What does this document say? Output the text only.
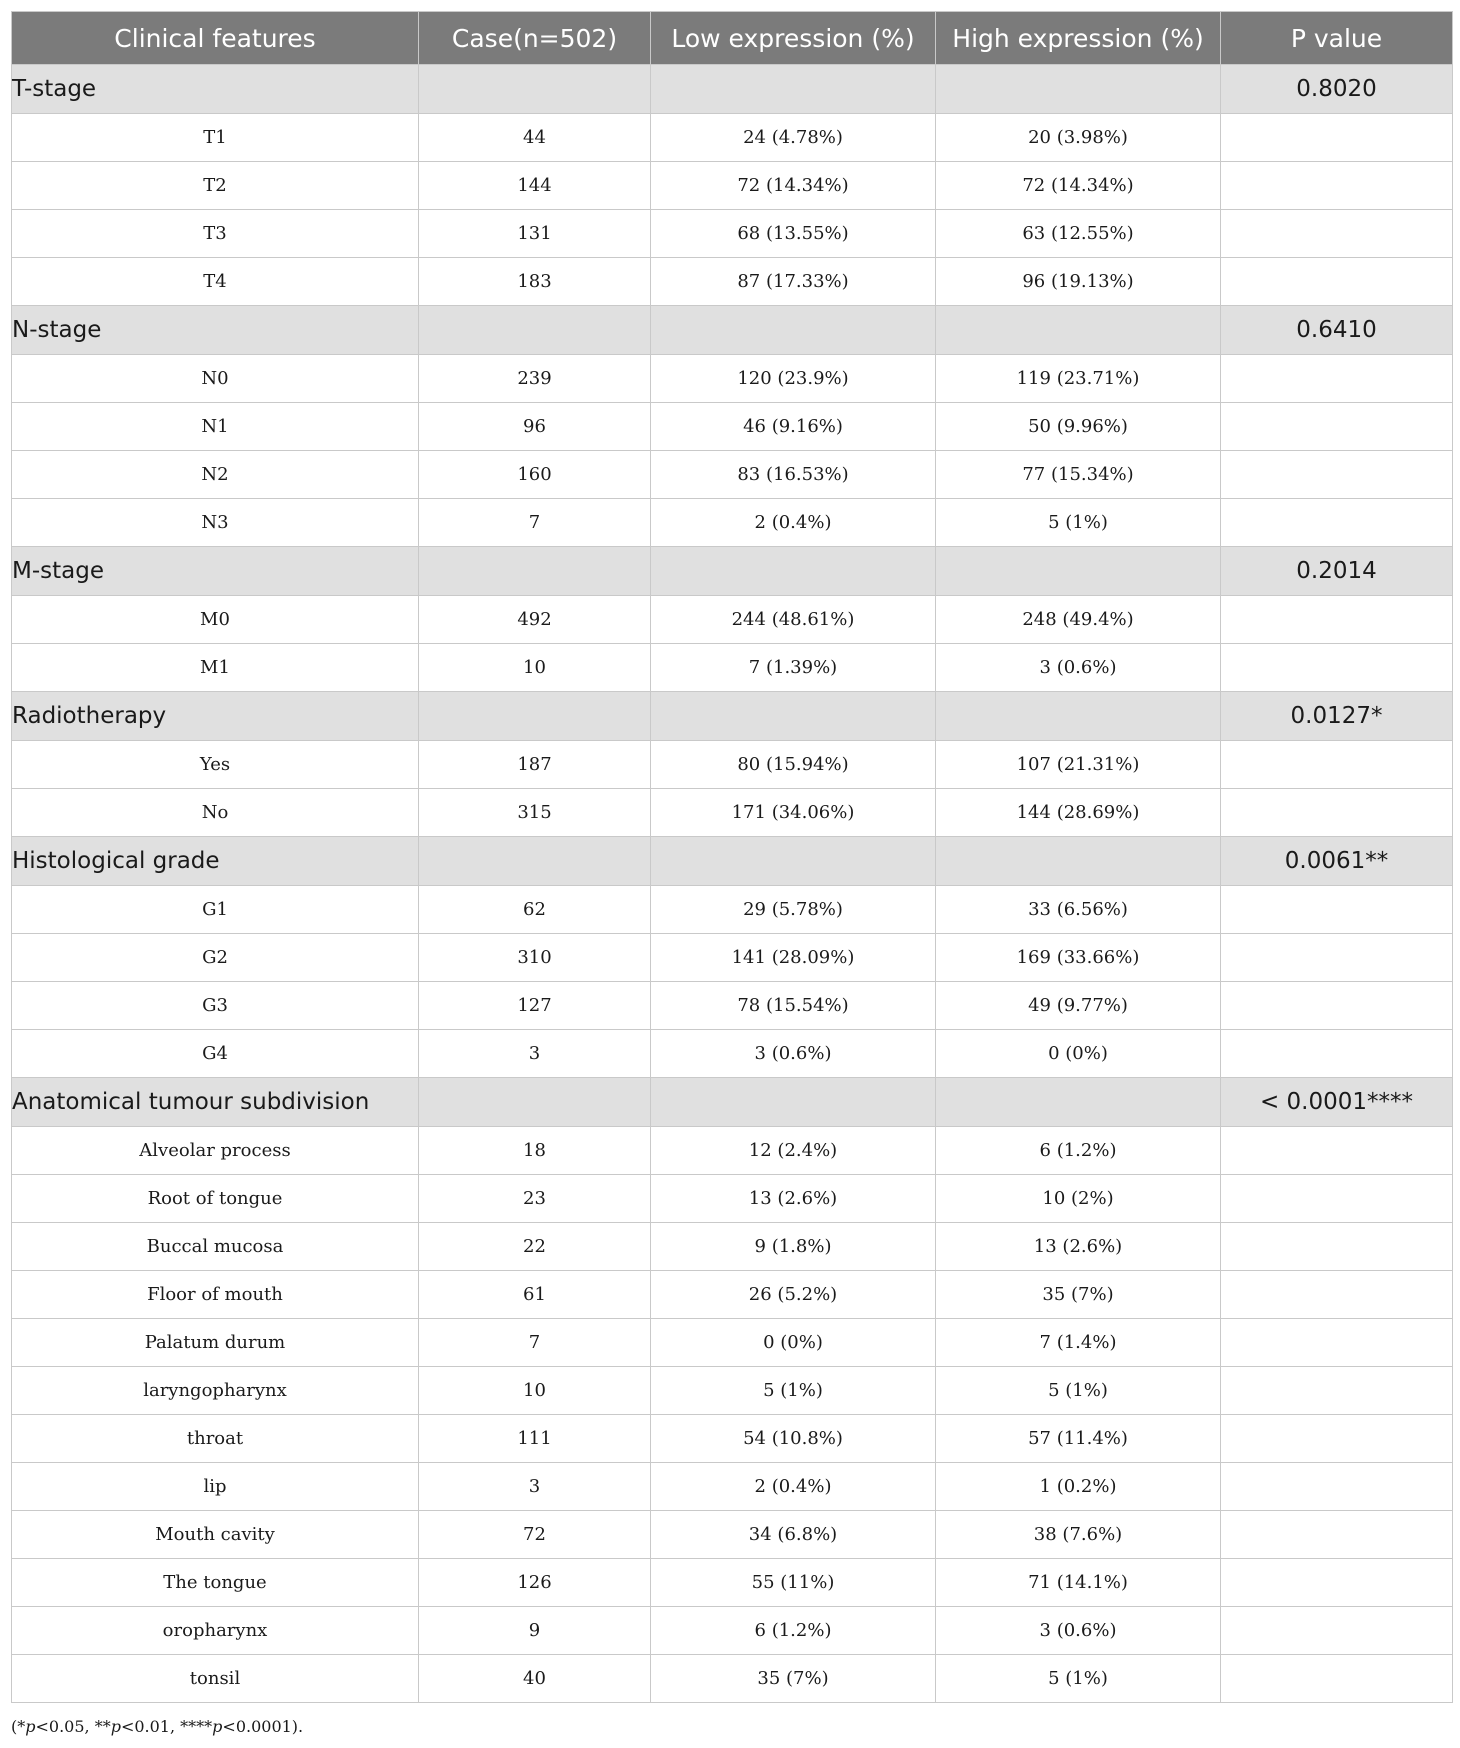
Clinical features	Case(n=502)	Low expression (%)	High expression (%)	P value
T-stage				0.8020
T1	44	24 (4.78%)	20 (3.98%)	
T2	144	72 (14.34%)	72 (14.34%)	
T3	131	68 (13.55%)	63 (12.55%)	
T4	183	87 (17.33%)	96 (19.13%)	
N-stage				0.6410
N0	239	120 (23.9%)	119 (23.71%)	
N1	96	46 (9.16%)	50 (9.96%)	
N2	160	83 (16.53%)	77 (15.34%)	
N3	7	2 (0.4%)	5 (1%)	
M-stage				0.2014
M0	492	244 (48.61%)	248 (49.4%)	
M1	10	7 (1.39%)	3 (0.6%)	
Radiotherapy				0.0127*
Yes	187	80 (15.94%)	107 (21.31%)	
No	315	171 (34.06%)	144 (28.69%)	
Histological grade				0.0061**
G1	62	29 (5.78%)	33 (6.56%)	
G2	310	141 (28.09%)	169 (33.66%)	
G3	127	78 (15.54%)	49 (9.77%)	
G4	3	3 (0.6%)	0 (0%)	
Anatomical tumour subdivision				< 0.0001****
Alveolar process	18	12 (2.4%)	6 (1.2%)	
Root of tongue	23	13 (2.6%)	10 (2%)	
Buccal mucosa	22	9 (1.8%)	13 (2.6%)	
Floor of mouth	61	26 (5.2%)	35 (7%)	
Palatum durum	7	0 (0%)	7 (1.4%)	
laryngopharynx	10	5 (1%)	5 (1%)	
throat	111	54 (10.8%)	57 (11.4%)	
lip	3	2 (0.4%)	1 (0.2%)	
Mouth cavity	72	34 (6.8%)	38 (7.6%)	
The tongue	126	55 (11%)	71 (14.1%)	
oropharynx	9	6 (1.2%)	3 (0.6%)	
tonsil	40	35 (7%)	5 (1%)	
(*p<0.05, **p<0.01, ****p<0.0001).
